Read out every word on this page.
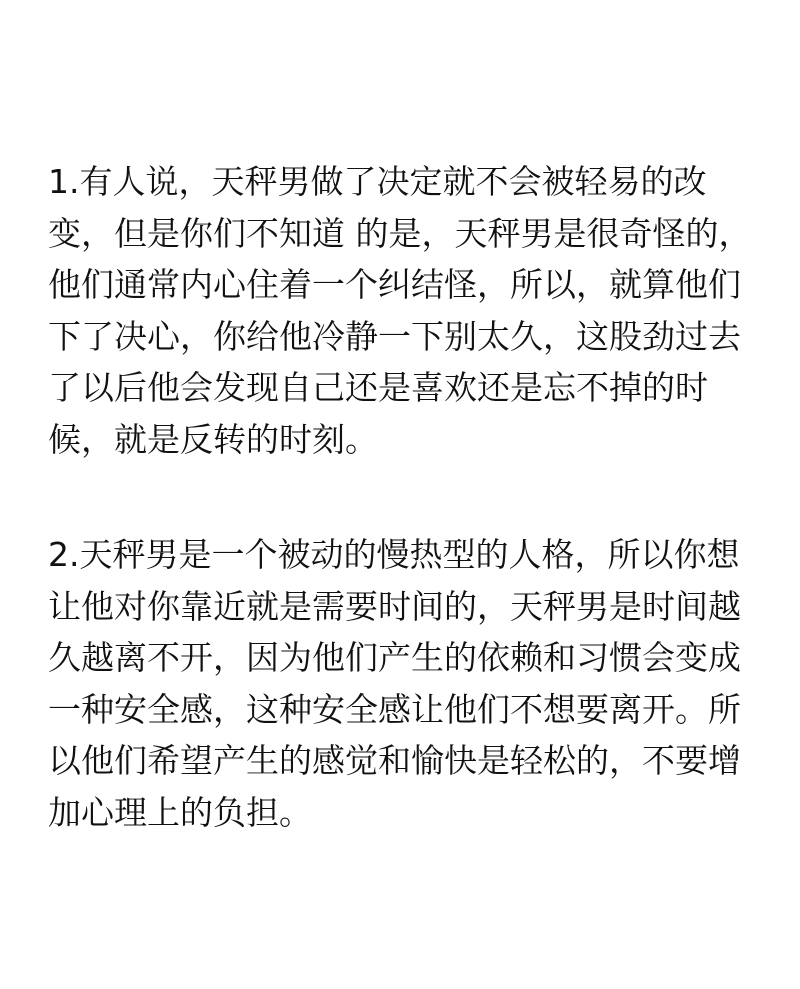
1.有人说，天秤男做了决定就不会被轻易的改
变，但是你们不知道 的是，天秤男是很奇怪的，
他们通常内心住着一个纠结怪，所以，就算他们
下了决心，你给他冷静一下别太久，这股劲过去
了以后他会发现自己还是喜欢还是忘不掉的时
候，就是反转的时刻。

2.天秤男是一个被动的慢热型的人格，所以你想
让他对你靠近就是需要时间的，天秤男是时间越
久越离不开，因为他们产生的依赖和习惯会变成
一种安全感，这种安全感让他们不想要离开。所
以他们希望产生的感觉和愉快是轻松的，不要增
加心理上的负担。
